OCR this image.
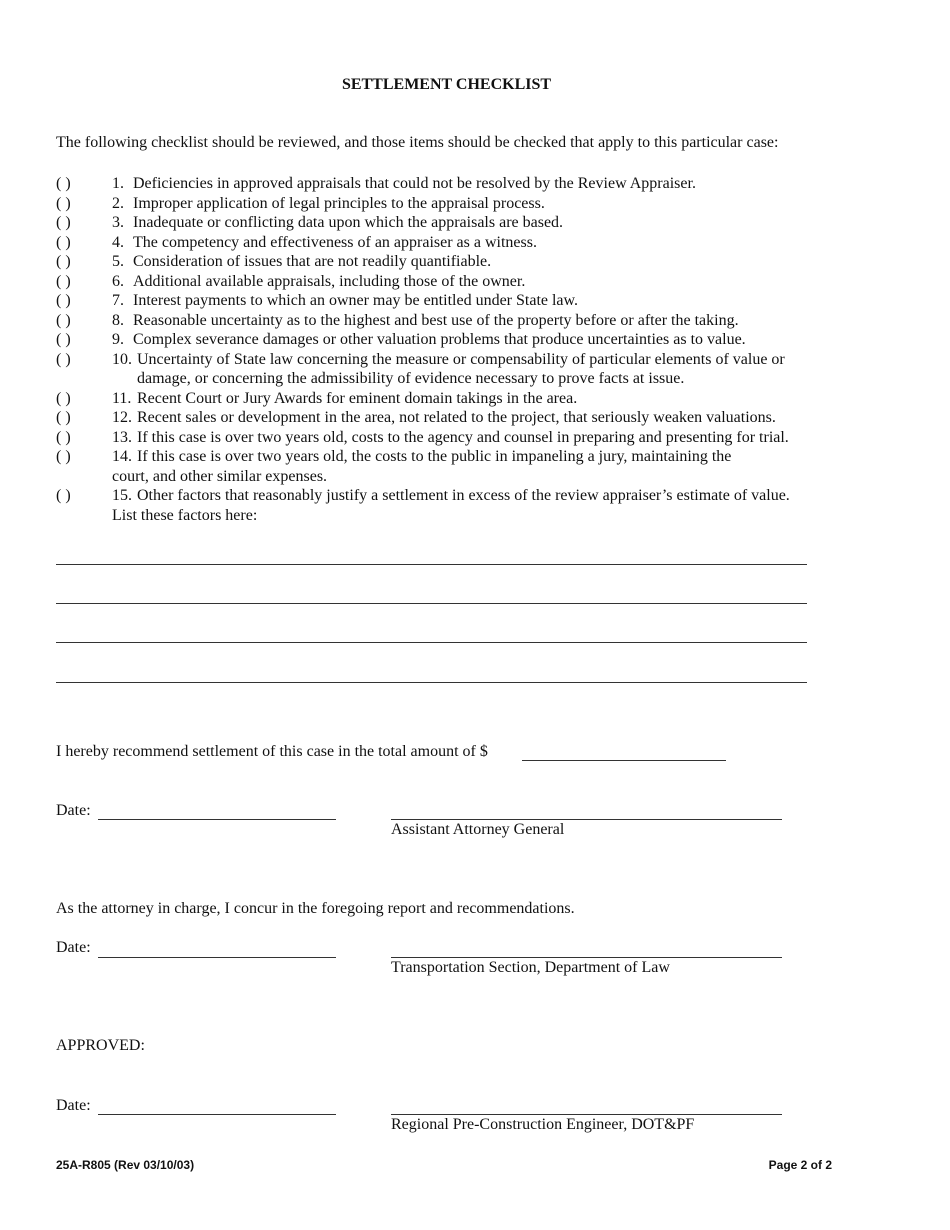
SETTLEMENT CHECKLIST
The following checklist should be reviewed, and those items should be checked that apply to this particular case:
( )	1. Deficiencies in approved appraisals that could not be resolved by the Review Appraiser.
( )	2. Improper application of legal principles to the appraisal process.
( )	3. Inadequate or conflicting data upon which the appraisals are based.
( )	4. The competency and effectiveness of an appraiser as a witness.
( )	5. Consideration of issues that are not readily quantifiable.
( )	6. Additional available appraisals, including those of the owner.
( )	7. Interest payments to which an owner may be entitled under State law.
( )	8. Reasonable uncertainty as to the highest and best use of the property before or after the taking.
( )	9. Complex severance damages or other valuation problems that produce uncertainties as to value.
( )	10. Uncertainty of State law concerning the measure or compensability of particular elements of value or
damage, or concerning the admissibility of evidence necessary to prove facts at issue.
( )	11. Recent Court or Jury Awards for eminent domain takings in the area.
( )	12. Recent sales or development in the area, not related to the project, that seriously weaken valuations.
( )	13. If this case is over two years old, costs to the agency and counsel in preparing and presenting for trial.
( )	14. If this case is over two years old, the costs to the public in impaneling a jury, maintaining the
court, and other similar expenses.
( )	15. Other factors that reasonably justify a settlement in excess of the review appraiser’s estimate of value.
List these factors here:
I hereby recommend settlement of this case in the total amount of $
Date:
Assistant Attorney General
As the attorney in charge, I concur in the foregoing report and recommendations.
Date:
Transportation Section, Department of Law
APPROVED:
Date:
Regional Pre-Construction Engineer, DOT&PF
25A-R805 (Rev 03/10/03)	Page 2 of 2
